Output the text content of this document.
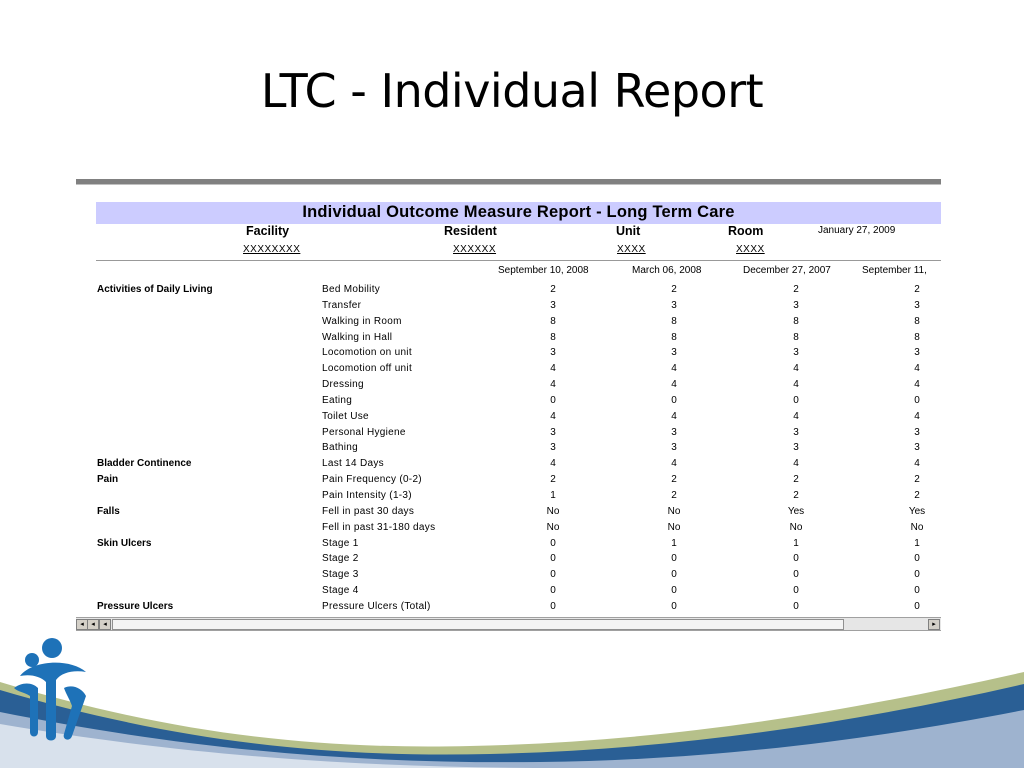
LTC - Individual Report
Individual Outcome Measure Report - Long Term Care
Facility	Resident	Unit	Room	January 27, 2009
XXXXXXXX	XXXXXX	XXXX	XXXX
September 10, 2008	March 06, 2008	December 27, 2007	September 11,
Activities of Daily Living	Bed Mobility	2	2	2	2
Transfer	3	3	3	3
Walking in Room	8	8	8	8
Walking in Hall	8	8	8	8
Locomotion on unit	3	3	3	3
Locomotion off unit	4	4	4	4
Dressing	4	4	4	4
Eating	0	0	0	0
Toilet Use	4	4	4	4
Personal Hygiene	3	3	3	3
Bathing	3	3	3	3
Bladder Continence	Last 14 Days	4	4	4	4
Pain	Pain Frequency (0-2)	2	2	2	2
Pain Intensity (1-3)	1	2	2	2
Falls	Fell in past 30 days	No	No	Yes	Yes
Fell in past 31-180 days	No	No	No	No
Skin Ulcers	Stage 1	0	1	1	1
Stage 2	0	0	0	0
Stage 3	0	0	0	0
Stage 4	0	0	0	0
Pressure Ulcers	Pressure Ulcers (Total)	0	0	0	0
◂	◂	◂	▸
